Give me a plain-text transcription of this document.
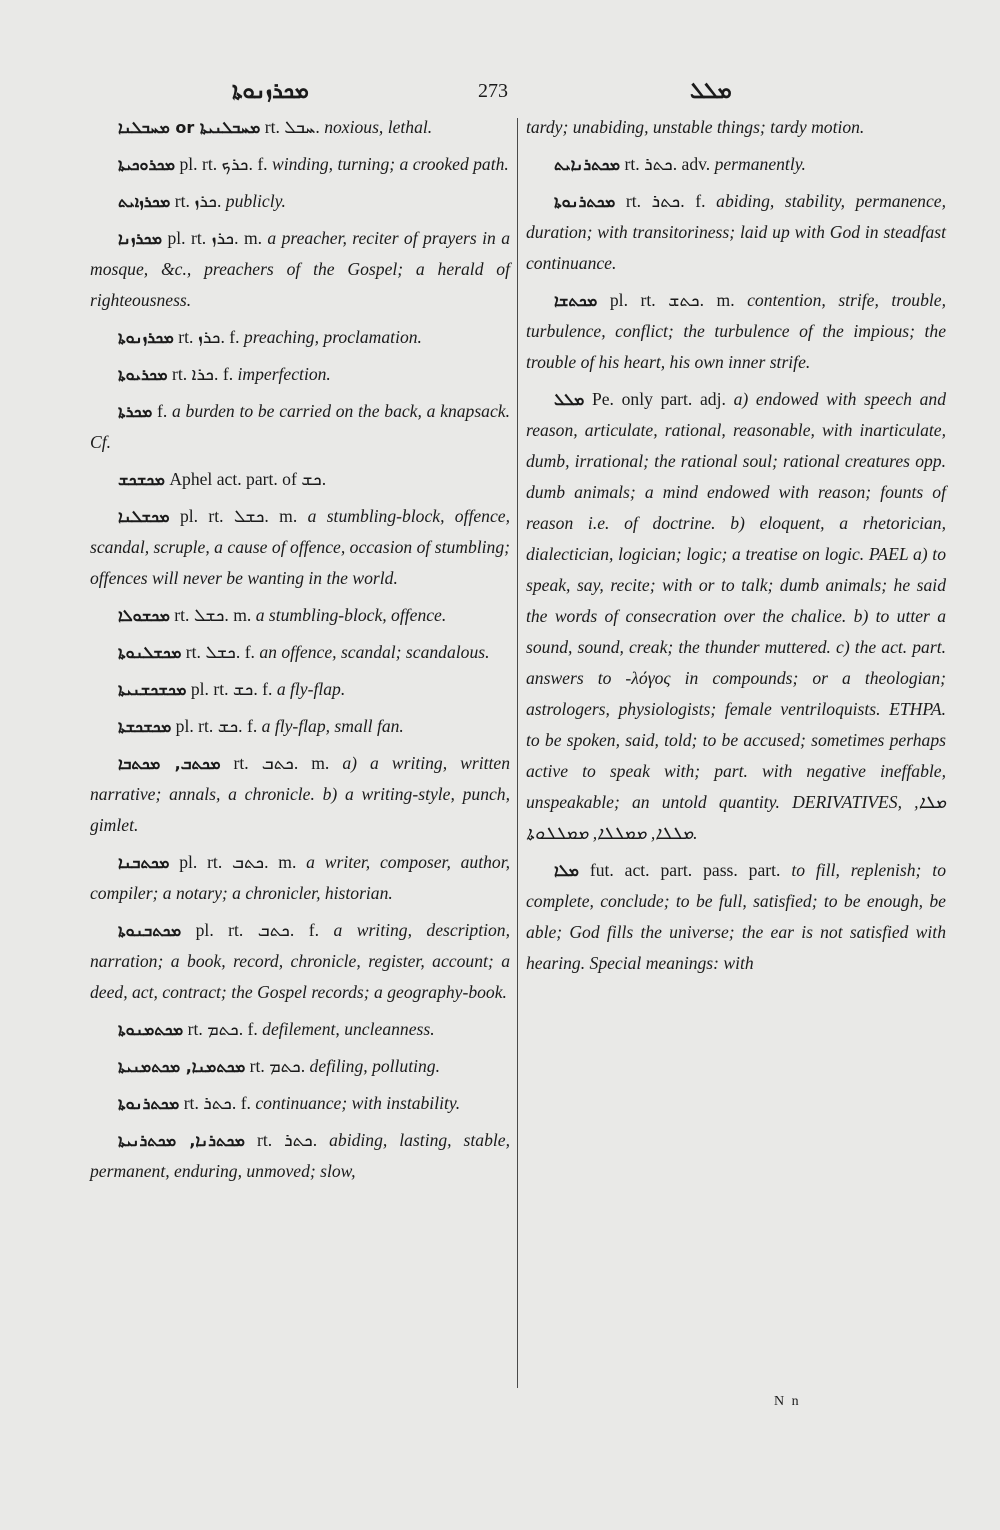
ܡܟܪܙܢܘܬܐ	273	ܡܠܠ

ܡܚܒܠܢܐ or ܡܚܒܠܢܝܬܐ rt. ܚܒܠ. noxious, lethal.

ܡܟܪܘܟܝܬܐ pl. rt. ܟܪܟ. f. winding, turning; a crooked path.

ܡܟܪܙܐܝܬ rt. ܟܪܙ. publicly.

ܡܟܪܙܢܐ pl. rt. ܟܪܙ. m. a preacher, reciter of prayers in a mosque, &c., preachers of the Gospel; a herald of righteousness.

ܡܟܪܙܢܘܬܐ rt. ܟܪܙ. f. preaching, proclamation.

ܡܟܪܝܘܬܐ rt. ܟܪܐ. f. imperfection.

ܡܟܪܬܐ f. a burden to be carried on the back, a knapsack. Cf.

ܡܟܫܟܫ Aphel act. part. of ܟܫ.

ܡܟܫܠܢܐ pl. rt. ܟܫܠ. m. a stumbling-block, offence, scandal, scruple, a cause of offence, occasion of stumbling; offences will never be wanting in the world.

ܡܟܫܘܠܐ rt. ܟܫܠ. m. a stumbling-block, offence.

ܡܟܫܠܢܘܬܐ rt. ܟܫܠ. f. an offence, scandal; scandalous.

ܡܟܫܟܫܢܝܬܐ pl. rt. ܟܫ. f. a fly-flap.

ܡܟܫܟܫܬܐ pl. rt. ܟܫ. f. a fly-flap, small fan.

ܡܟܬܒ, ܡܟܬܒܐ rt. ܟܬܒ. m. a) a writing, written narrative; annals, a chronicle. b) a writing-style, punch, gimlet.

ܡܟܬܒܢܐ pl. rt. ܟܬܒ. m. a writer, composer, author, compiler; a notary; a chronicler, historian.

ܡܟܬܒܢܘܬܐ pl. rt. ܟܬܒ. f. a writing, description, narration; a book, record, chronicle, register, account; a deed, act, contract; the Gospel records; a geography-book.

ܡܟܬܡܢܘܬܐ rt. ܟܬܡ. f. defilement, uncleanness.

ܡܟܬܡܢܐ, ܡܟܬܡܢܝܬܐ rt. ܟܬܡ. defiling, polluting.

ܡܟܬܪܢܘܬܐ rt. ܟܬܪ. f. continuance; with instability.

ܡܟܬܪܢܐ, ܡܟܬܪܢܝܬܐ rt. ܟܬܪ. abiding, lasting, stable, permanent, enduring, unmoved; slow,

tardy; unabiding, unstable things; tardy motion.

ܡܟܬܪܢܐܝܬ rt. ܟܬܪ. adv. permanently.

ܡܟܬܪܢܘܬܐ rt. ܟܬܪ. f. abiding, stability, permanence, duration; with transitoriness; laid up with God in steadfast continuance.

ܡܟܬܫܐ pl. rt. ܟܬܫ. m. contention, strife, trouble, turbulence, conflict; the turbulence of the impious; the trouble of his heart, his own inner strife.

ܡܠܠ Pe. only part. adj. a) endowed with speech and reason, articulate, rational, reasonable, with inarticulate, dumb, irrational; the rational soul; rational creatures opp. dumb animals; a mind endowed with reason; founts of reason i.e. of doctrine. b) eloquent, a rhetorician, dialectician, logician; logic; a treatise on logic. PAEL a) to speak, say, recite; with or to talk; dumb animals; he said the words of consecration over the chalice. b) to utter a sound, sound, creak; the thunder muttered. c) the act. part. answers to -λόγος in compounds; or a theologian; astrologers, physiologists; female ventriloquists. ETHPA. to be spoken, said, told; to be accused; sometimes perhaps active to speak with; part. with negative ineffable, unspeakable; an untold quantity. DERIVATIVES, ܡܠܐ, ܡܠܠܐ, ܡܡܠܠܐ, ܡܡܠܠܘܬܐ.

ܡܠܐ fut. act. part. pass. part. to fill, replenish; to complete, conclude; to be full, satisfied; to be enough, be able; God fills the universe; the ear is not satisfied with hearing. Special meanings: with

N n
